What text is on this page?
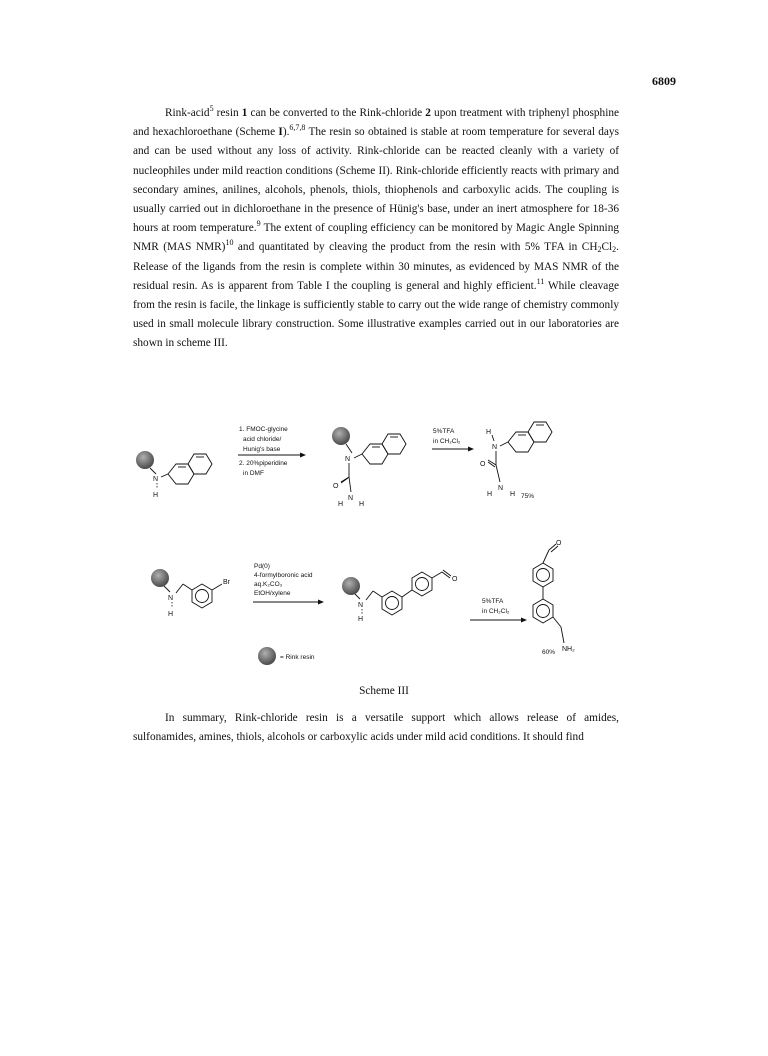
6809

Rink-acid$^5$ resin 1 can be converted to the Rink-chloride 2 upon treatment with triphenyl phosphine and hexachloroethane (Scheme I).$^{6,7,8}$ The resin so obtained is stable at room temperature for several days and can be used without any loss of activity. Rink-chloride can be reacted cleanly with a variety of nucleophiles under mild reaction conditions (Scheme II). Rink-chloride efficiently reacts with primary and secondary amines, anilines, alcohols, phenols, thiols, thiophenols and carboxylic acids. The coupling is usually carried out in dichloroethane in the presence of Hünig's base, under an inert atmosphere for 18-36 hours at room temperature.$^9$ The extent of coupling efficiency can be monitored by Magic Angle Spinning NMR (MAS NMR)$^{10}$ and quantitated by cleaving the product from the resin with 5% TFA in $CH_2Cl_2$. Release of the ligands from the resin is complete within 30 minutes, as evidenced by MAS NMR of the residual resin. As is apparent from Table I the coupling is general and highly efficient.$^{11}$ While cleavage from the resin is facile, the linkage is sufficiently stable to carry out the wide range of chemistry commonly used in small molecule library construction. Some illustrative examples carried out in our laboratories are shown in scheme III.

N
H
1. FMOC-glycine
acid chloride/
Hunig's base
2. 20%piperidine
in DMF
N
O
N
H H
5%TFA
in CH₂Cl₂
H
N
O
N
H	H 75%
N
H
Br
Pd(0)
4-formylboronic acid
aq.K₂CO₃
EtOH/xylene
N
H
O
5%TFA
in CH₂Cl₂
O
NH₂
60%
= Rink resin
Scheme III

In summary, Rink-chloride resin is a versatile support which allows release of amides, sulfonamides, amines, thiols, alcohols or carboxylic acids under mild acid conditions. It should find
